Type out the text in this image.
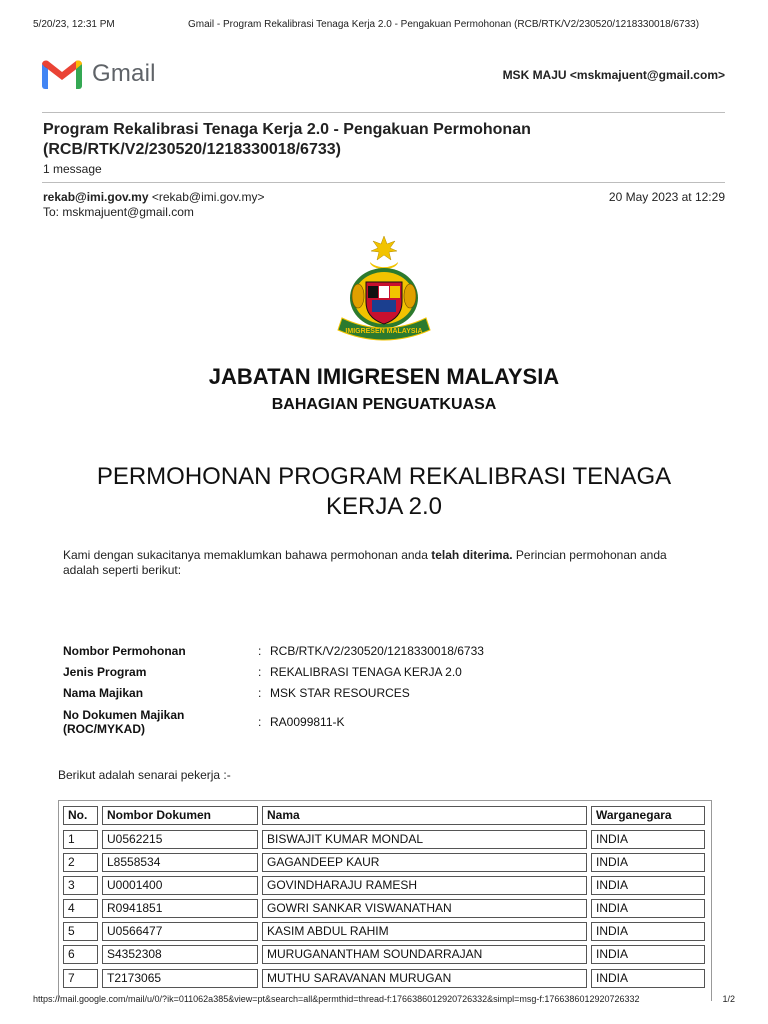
5/20/23, 12:31 PM	Gmail - Program Rekalibrasi Tenaga Kerja 2.0 - Pengakuan Permohonan (RCB/RTK/V2/230520/1218330018/6733)
Gmail	MSK MAJU <mskmajuent@gmail.com>
Program Rekalibrasi Tenaga Kerja 2.0 - Pengakuan Permohonan
(RCB/RTK/V2/230520/1218330018/6733)
1 message
rekab@imi.gov.my <rekab@imi.gov.my>
To: mskmajuent@gmail.com
20 May 2023 at 12:29
IMIGRESEN MALAYSIA
JABATAN IMIGRESEN MALAYSIA
BAHAGIAN PENGUATKUASA
PERMOHONAN PROGRAM REKALIBRASI TENAGA
KERJA 2.0
Kami dengan sukacitanya memaklumkan bahawa permohonan anda telah diterima. Perincian permohonan anda adalah seperti berikut:
Nombor Permohonan	: RCB/RTK/V2/230520/1218330018/6733
Jenis Program	: REKALIBRASI TENAGA KERJA 2.0
Nama Majikan	: MSK STAR RESOURCES
No Dokumen Majikan
(ROC/MYKAD)	: RA0099811-K
Berikut adalah senarai pekerja :-
No.	Nombor Dokumen	Nama	Warganegara
1	U0562215	BISWAJIT KUMAR MONDAL	INDIA
2	L8558534	GAGANDEEP KAUR	INDIA
3	U0001400	GOVINDHARAJU RAMESH	INDIA
4	R0941851	GOWRI SANKAR VISWANATHAN	INDIA
5	U0566477	KASIM ABDUL RAHIM	INDIA
6	S4352308	MURUGANANTHAM SOUNDARRAJAN	INDIA
7	T2173065	MUTHU SARAVANAN MURUGAN	INDIA
https://mail.google.com/mail/u/0/?ik=011062a385&view=pt&search=all&permthid=thread-f:1766386012920726332&simpl=msg-f:1766386012920726332	1/2
